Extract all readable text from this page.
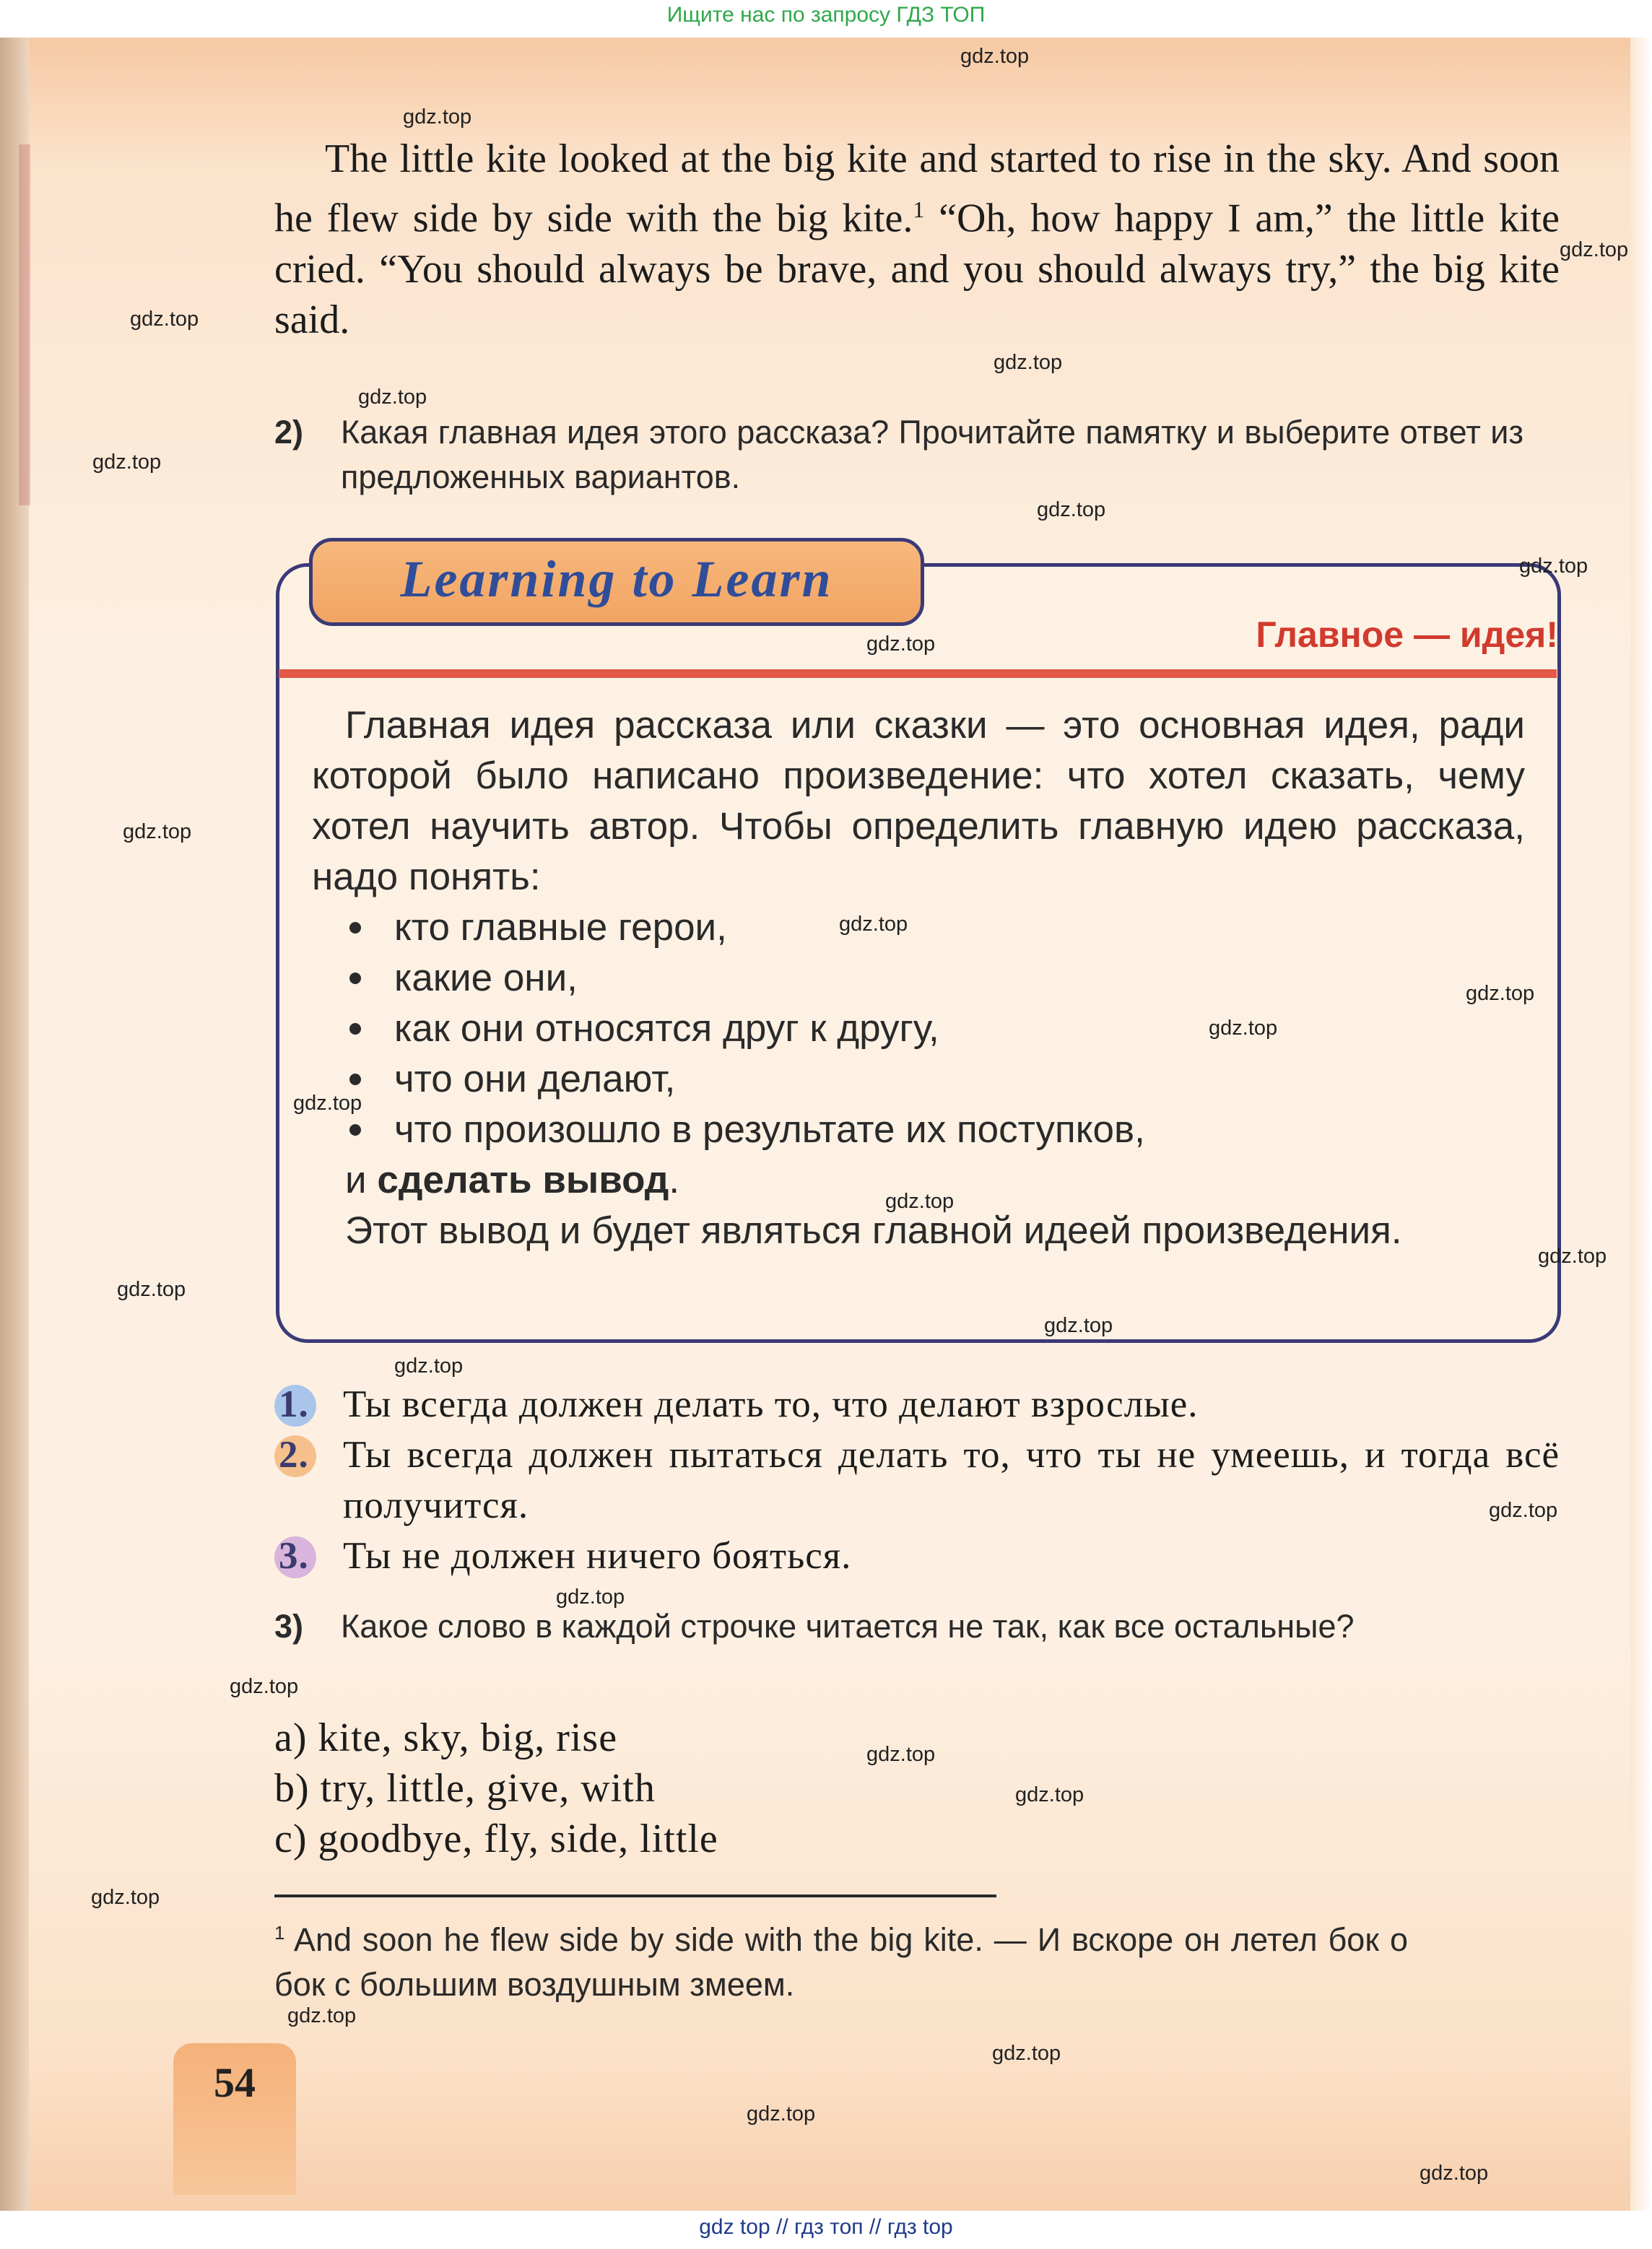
Ищите нас по запросу ГДЗ ТОП

The little kite looked at the big kite and started to rise in the sky. And soon he flew side by side with the big kite.$^1$ “Oh, how happy I am,” the little kite cried. “You should always be brave, and you should always try,” the big kite said.

2) Какая главная идея этого рассказа? Прочитайте памятку и выберите ответ из предложенных вариантов.
Learning to Learn
Главное — идея!
Главная идея рассказа или сказки — это основная идея, ради которой было написано произведение: что хотел сказать, чему хотел научить автор. Чтобы определить главную идею рассказа, надо понять:
кто главные герои,
какие они,
как они относятся друг к другу,
что они делают,
что произошло в результате их поступков,
и сделать вывод.
Этот вывод и будет являться главной идеей произведения.
1. Ты всегда должен делать то, что делают взрослые.
2. Ты всегда должен пытаться делать то, что ты не умеешь, и тогда всё получится.
3. Ты не должен ничего бояться.
3) Какое слово в каждой строчке читается не так, как все остальные?
a) kite, sky, big, rise
b) try, little, give, with
c) goodbye, fly, side, little
$^1$ And soon he flew side by side with the big kite. — И вскоре он летел бок о бок с большим воздушным змеем.
54
gdz.top
gdz.top
gdz.top
gdz.top
gdz.top
gdz.top
gdz.top
gdz.top
gdz.top
gdz.top
gdz.top
gdz.top
gdz.top
gdz.top
gdz.top
gdz.top
gdz.top
gdz.top
gdz.top
gdz.top
gdz.top
gdz.top
gdz.top
gdz.top
gdz.top
gdz.top
gdz.top
gdz.top
gdz.top
gdz.top
gdz top // гдз топ // гдз top
